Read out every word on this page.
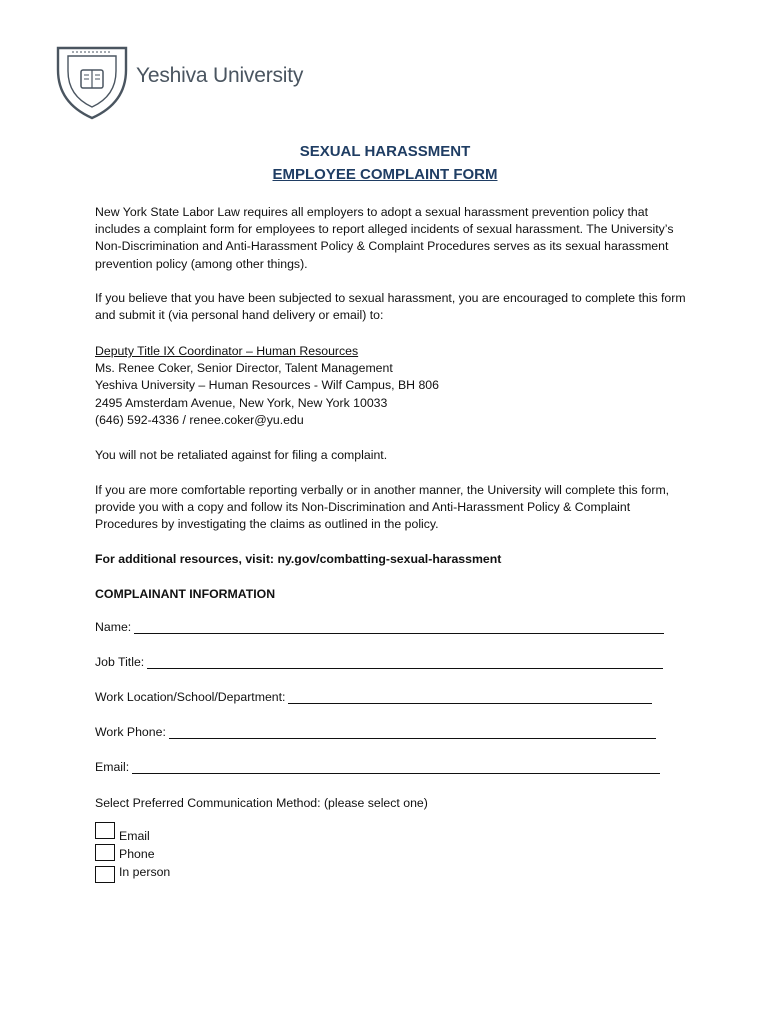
Yeshiva University
SEXUAL HARASSMENT
EMPLOYEE COMPLAINT FORM

New York State Labor Law requires all employers to adopt a sexual harassment prevention policy that includes a complaint form for employees to report alleged incidents of sexual harassment. The University’s Non-Discrimination and Anti-Harassment Policy & Complaint Procedures serves as its sexual harassment prevention policy (among other things).

If you believe that you have been subjected to sexual harassment, you are encouraged to complete this form and submit it (via personal hand delivery or email) to:

Deputy Title IX Coordinator – Human Resources
Ms. Renee Coker, Senior Director, Talent Management
Yeshiva University – Human Resources - Wilf Campus, BH 806
2495 Amsterdam Avenue, New York, New York 10033
(646) 592-4336 / renee.coker@yu.edu

You will not be retaliated against for filing a complaint.

If you are more comfortable reporting verbally or in another manner, the University will complete this form, provide you with a copy and follow its Non-Discrimination and Anti-Harassment Policy & Complaint Procedures by investigating the claims as outlined in the policy.

For additional resources, visit: ny.gov/combatting-sexual-harassment

COMPLAINANT INFORMATION

Name:
Job Title:
Work Location/School/Department:
Work Phone:
Email:

Select Preferred Communication Method: (please select one)

Email
Phone
In person
